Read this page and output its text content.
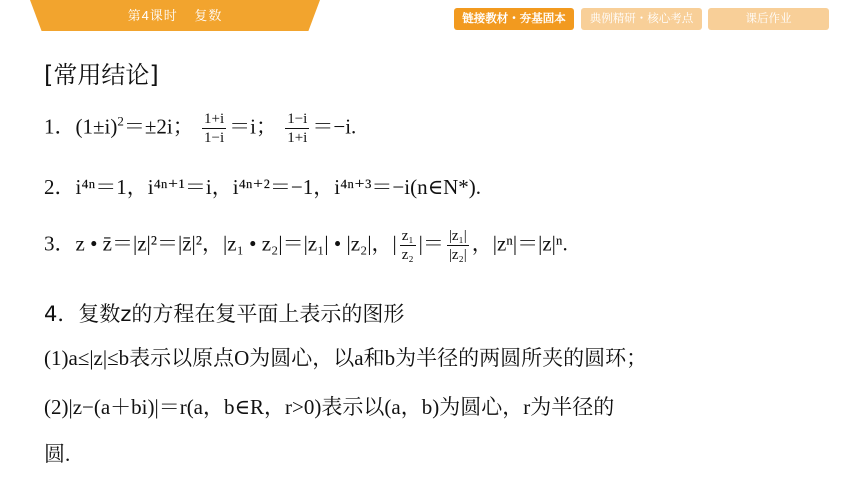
第4课时 复数	链接教材・夯基固本	典例精研・核心考点	课后作业
[常用结论]
1．$(1\pm i)^2=\pm 2i$； $\frac{1+i}{1-i} =i$； $\frac{1-i}{1+i} =-i$.
2．i⁴ⁿ＝1，i⁴ⁿ⁺¹＝i，i⁴ⁿ⁺²＝−1，i⁴ⁿ⁺³＝−i(n∈N*).
3．z • z̄＝|z|²＝|z̄|²，|z₁ • z₂|＝|z₁| • |z₂|，| $\frac{\text{z₁}}{\text{z₂}}$ |＝ $\frac{\text{|z₁|}}{\text{|z₂|}}$ ，|zⁿ|＝|z|ⁿ.
4．复数z的方程在复平面上表示的图形
(1)a≤|z|≤b表示以原点O为圆心，以a和b为半径的两圆所夹的圆环；
(2)|z−(a＋bi)|＝r(a，b∈R，r>0)表示以(a，b)为圆心，r为半径的
圆.
